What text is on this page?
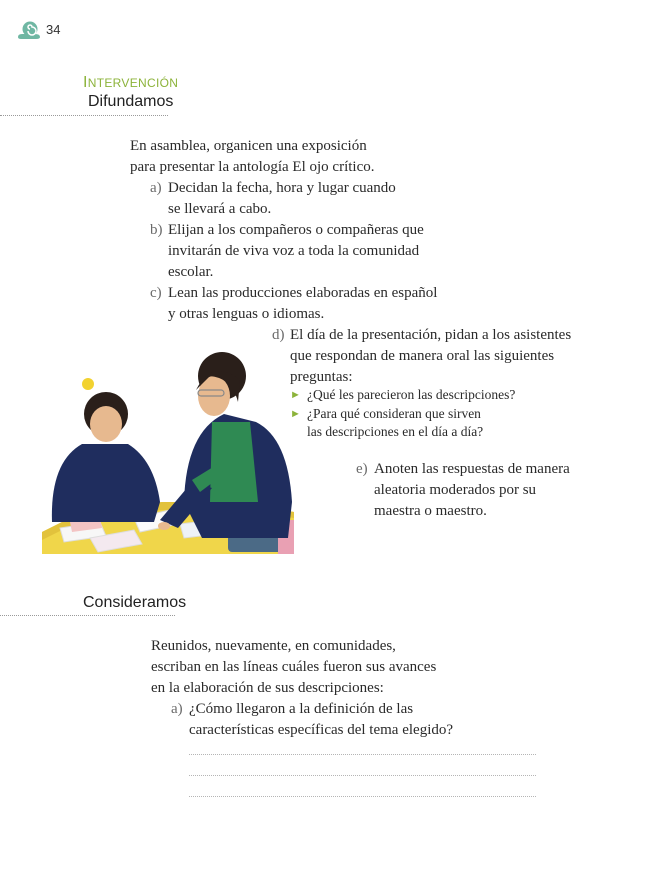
34
INTERVENCIÓN
Difundamos
En asamblea, organicen una exposición
para presentar la antología El ojo crítico.
a) Decidan la fecha, hora y lugar cuando
se llevará a cabo.
b) Elijan a los compañeros o compañeras que
invitarán de viva voz a toda la comunidad
escolar.
c) Lean las producciones elaboradas en español
y otras lenguas o idiomas.
d) El día de la presentación, pidan a los asistentes
que respondan de manera oral las siguientes
preguntas:
► ¿Qué les parecieron las descripciones?
► ¿Para qué consideran que sirven
las descripciones en el día a día?
e) Anoten las respuestas de manera
aleatoria moderados por su
maestra o maestro.
Consideramos
Reunidos, nuevamente, en comunidades,
escriban en las líneas cuáles fueron sus avances
en la elaboración de sus descripciones:
a) ¿Cómo llegaron a la definición de las
características específicas del tema elegido?
